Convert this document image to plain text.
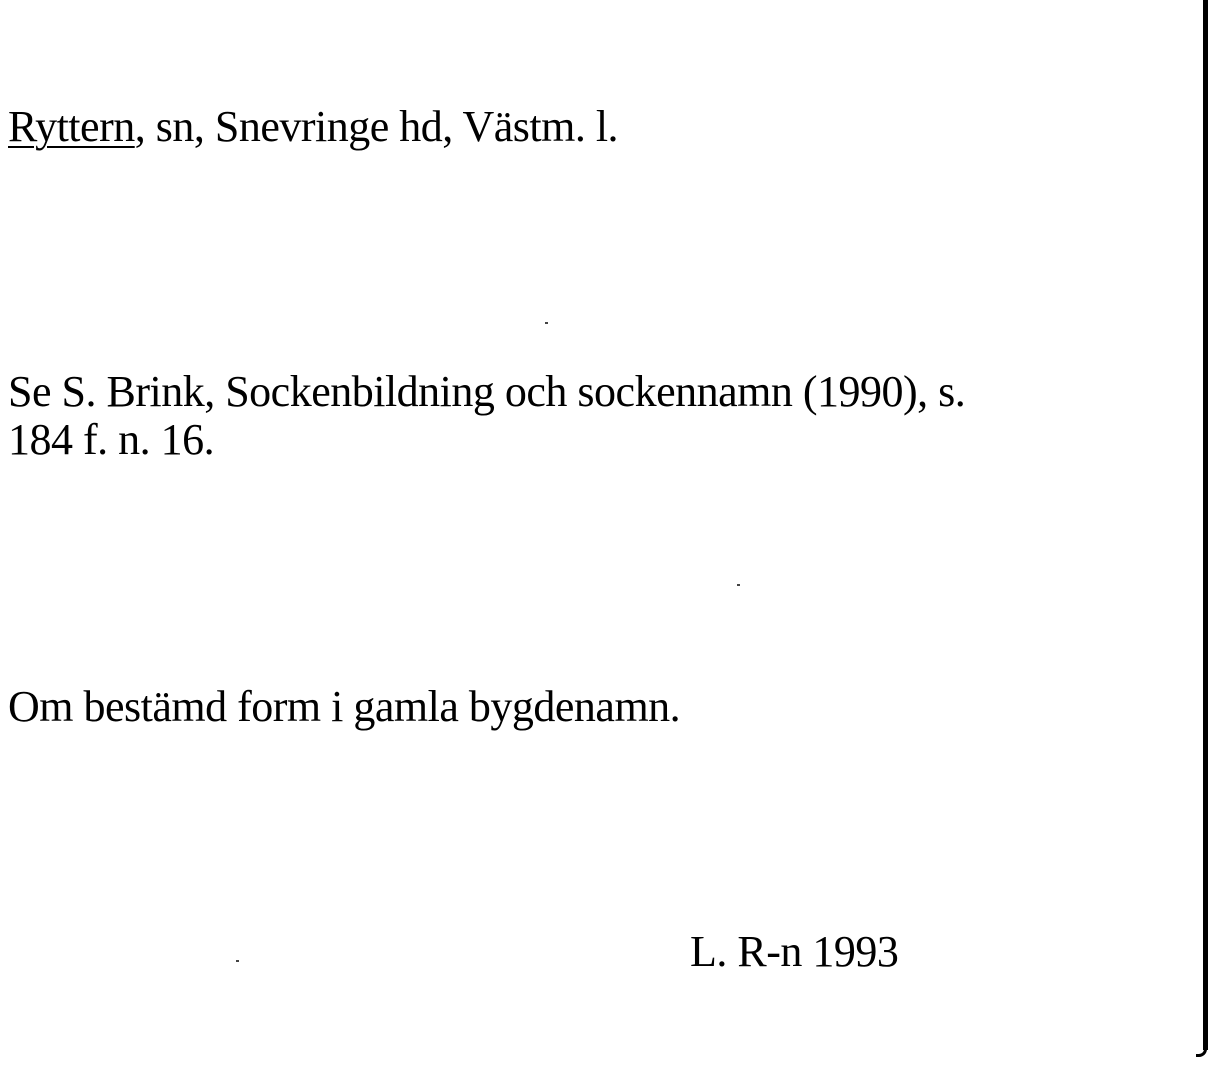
Ryttern, sn, Snevringe hd, Västm. l.

Se S. Brink, Sockenbildning och sockennamn (1990), s.

184 f. n. 16.

Om bestämd form i gamla bygdenamn.

L. R-n 1993
